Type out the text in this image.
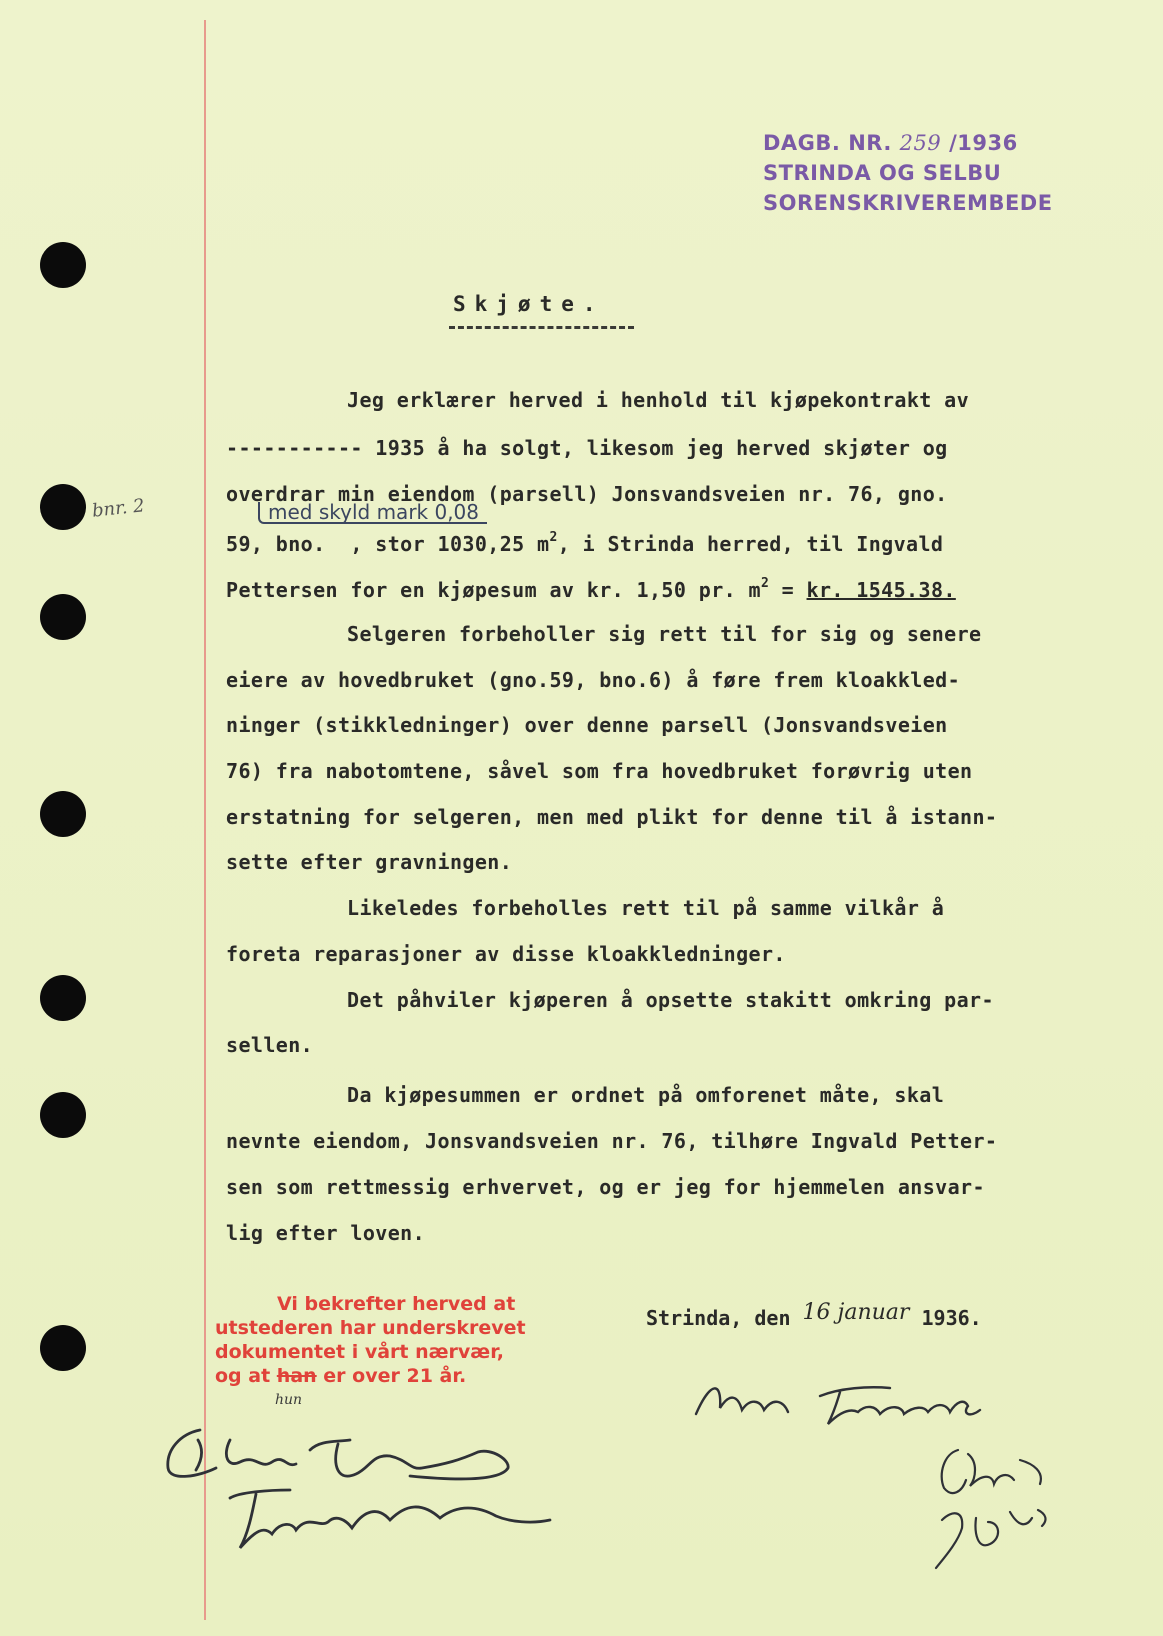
DAGB. NR. 259 /1936
STRINDA OG SELBU
SORENSKRIVEREMBEDE
Skjøte.
bnr. 2	med skyld mark 0,08
Jeg erklærer herved i henhold til kjøpekontrakt av
----------- 1935 å ha solgt, likesom jeg herved skjøter og
overdrar min eiendom (parsell) Jonsvandsveien nr. 76, gno.
59, bno.  , stor 1030,25 $m^2$, i Strinda herred, til Ingvald
Pettersen for en kjøpesum av kr. 1,50 pr. $m^2$ = kr. 1545.38.
Selgeren forbeholler sig rett til for sig og senere
eiere av hovedbruket (gno.59, bno.6) å føre frem kloakkled-
ninger (stikkledninger) over denne parsell (Jonsvandsveien
76) fra nabotomtene, såvel som fra hovedbruket forøvrig uten
erstatning for selgeren, men med plikt for denne til å istann-
sette efter gravningen.
Likeledes forbeholles rett til på samme vilkår å
foreta reparasjoner av disse kloakkledninger.
Det påhviler kjøperen å opsette stakitt omkring par-
sellen.
Da kjøpesummen er ordnet på omforenet måte, skal
nevnte eiendom, Jonsvandsveien nr. 76, tilhøre Ingvald Petter-
sen som rettmessig erhvervet, og er jeg for hjemmelen ansvar-
lig efter loven.
Vi bekrefter herved at
utstederen har underskrevet
dokumentet i vårt nærvær,
og at han er over 21 år.
hun
Strinda, den 16 januar 1936.
